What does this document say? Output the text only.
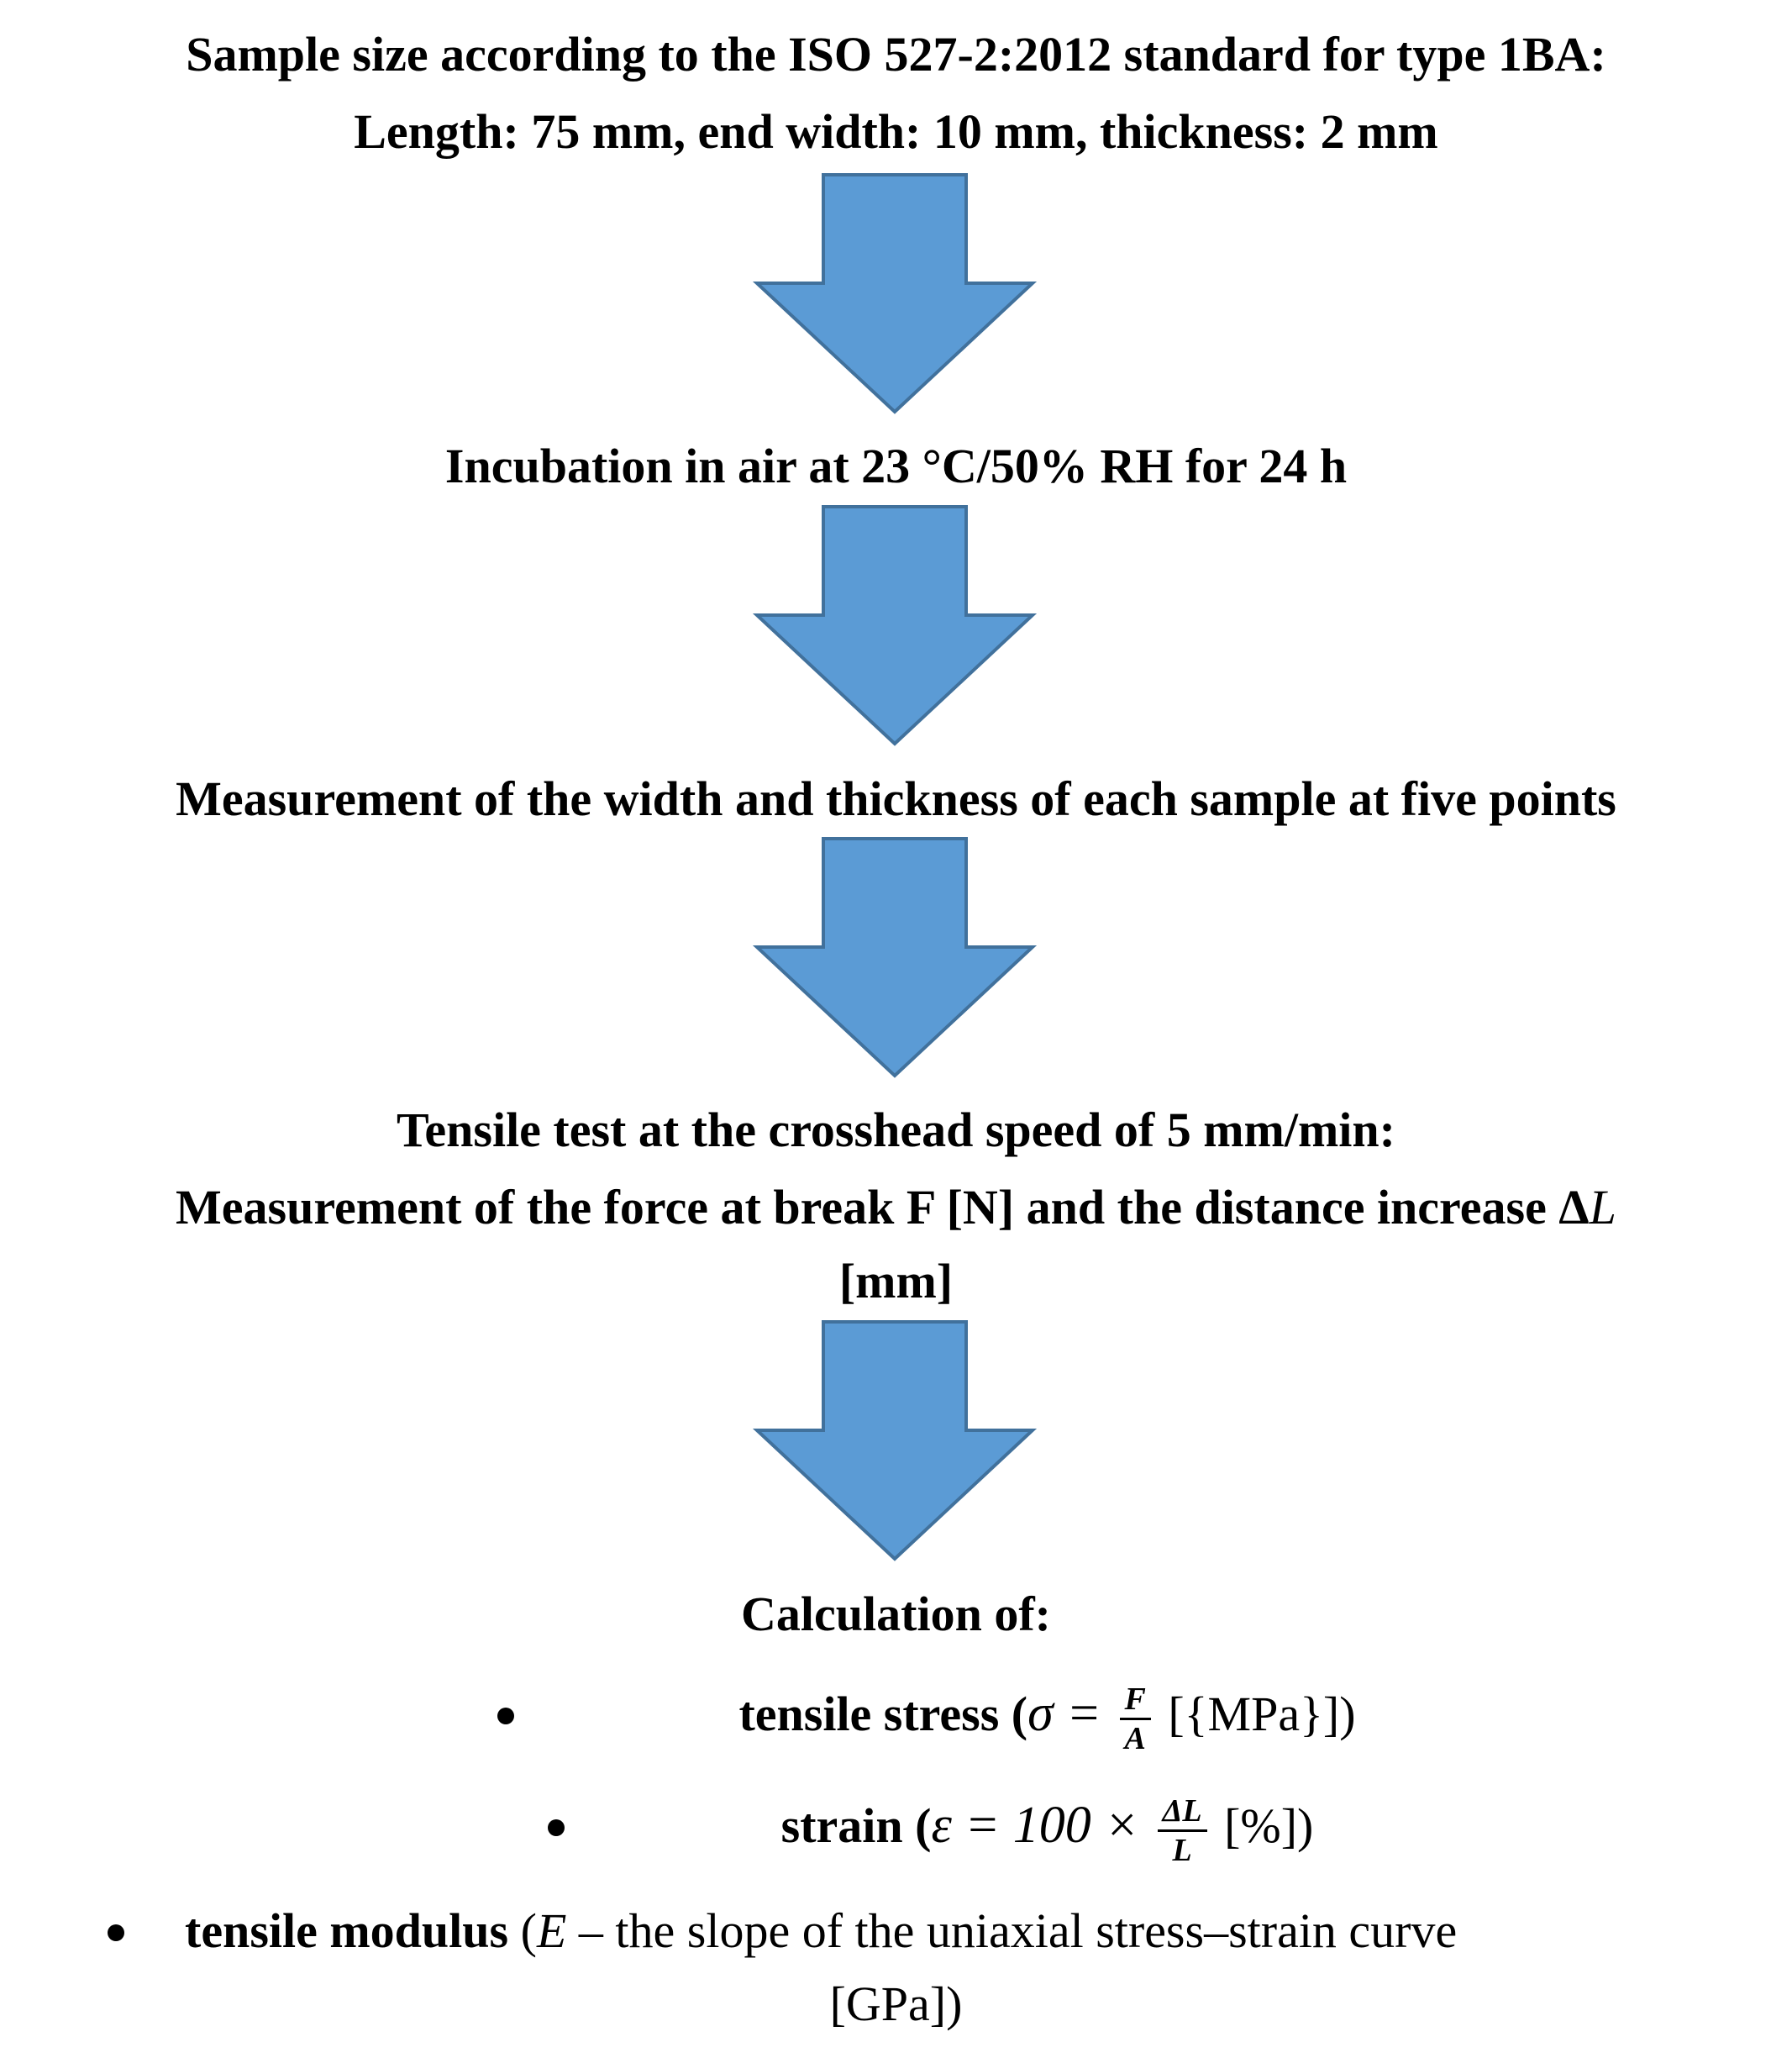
Sample size according to the ISO 527-2:2012 standard for type 1BA:
Length: 75 mm, end width: 10 mm, thickness: 2 mm
Incubation in air at 23 °C/50% RH for 24 h
Measurement of the width and thickness of each sample at five points
Tensile test at the crosshead speed of 5 mm/min:
Measurement of the force at break F [N] and the distance increase ΔL
[mm]
Calculation of:
tensile stress $(\sigma = \frac{F}{A} [\{MPa\}])$
strain ($\varepsilon = 100 \times \frac{\Delta L}{L}$ [%])
tensile modulus (E – the slope of the uniaxial stress–strain curve
[GPa])
